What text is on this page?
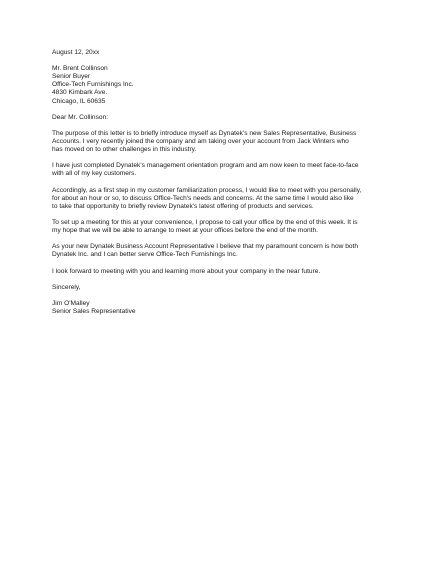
August 12, 20xx
Mr. Brent Collinson
Senior Buyer
Office-Tech Furnishings Inc.
4830 Kimbark Ave.
Chicago, IL 60635
Dear Mr. Collinson:
The purpose of this letter is to briefly introduce myself as Dynatek's new Sales Representative, Business
Accounts. I very recently joined the company and am taking over your account from Jack Winters who
has moved on to other challenges in this industry.
I have just completed Dynatek's management orientation program and am now keen to meet face-to-face
with all of my key customers.
Accordingly, as a first step in my customer familiarization process, I would like to meet with you personally,
for about an hour or so, to discuss Office-Tech's needs and concerns. At the same time I would also like
to take that opportunity to briefly review Dynatek's latest offering of products and services.
To set up a meeting for this at your convenience, I propose to call your office by the end of this week. It is
my hope that we will be able to arrange to meet at your offices before the end of the month.
As your new Dynatek Business Account Representative I believe that my paramount concern is how both
Dynatek Inc. and I can better serve Office-Tech Furnishings Inc.
I look forward to meeting with you and learning more about your company in the near future.
Sincerely,
Jim O'Malley
Senior Sales Representative
